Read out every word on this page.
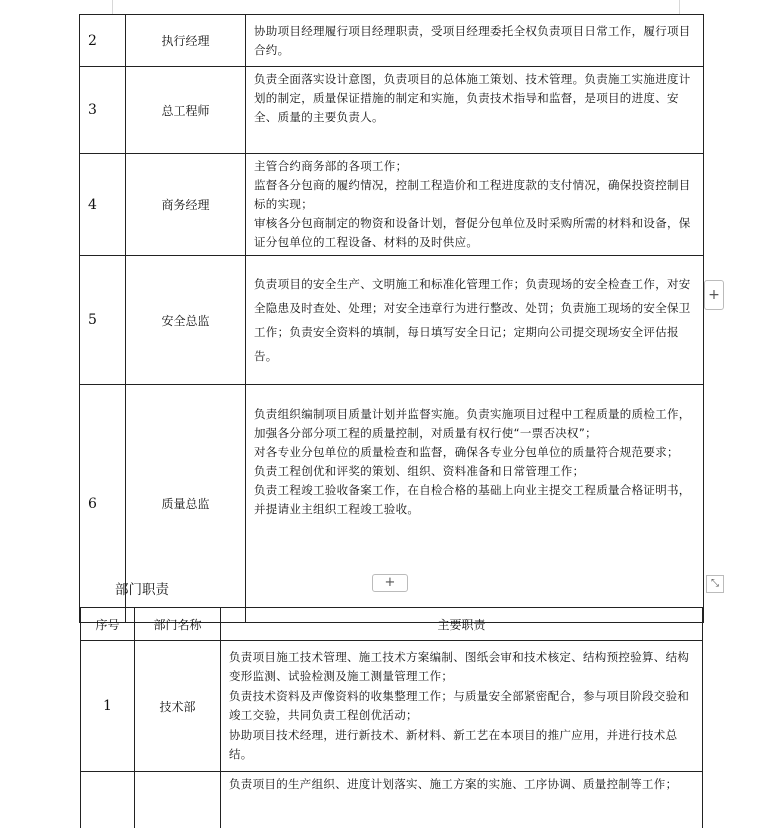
2	执行经理	协助项目经理履行项目经理职责，受项目经理委托全权负责项目日常工作，履行项目合约。

3	总工程师	负责全面落实设计意图，负责项目的总体施工策划、技术管理。负责施工实施进度计划的制定，质量保证措施的制定和实施，负责技术指导和监督，是项目的进度、安全、质量的主要负责人。

4	商务经理	主管合约商务部的各项工作；

监督各分包商的履约情况，控制工程造价和工程进度款的支付情况，确保投资控制目标的实现；

审核各分包商制定的物资和设备计划，督促分包单位及时采购所需的材料和设备，保证分包单位的工程设备、材料的及时供应。

5	安全总监	负责项目的安全生产、文明施工和标准化管理工作；负责现场的安全检查工作，对安全隐患及时查处、处理；对安全违章行为进行整改、处罚；负责施工现场的安全保卫工作；负责安全资料的填制，每日填写安全日记；定期向公司提交现场安全评估报告。

6	质量总监	负责组织编制项目质量计划并监督实施。负责实施项目过程中工程质量的质检工作，加强各分部分项工程的质量控制，对质量有权行使“一票否决权”；

对各专业分包单位的质量检查和监督，确保各专业分包单位的质量符合规范要求；

负责工程创优和评奖的策划、组织、资料准备和日常管理工作；

负责工程竣工验收备案工作，在自检合格的基础上向业主提交工程质量合格证明书，并提请业主组织工程竣工验收。

+
+	⤡
部门职责
序号	部门名称	主要职责
1	技术部	负责项目施工技术管理、施工技术方案编制、图纸会审和技术核定、结构预控验算、结构变形监测、试验检测及施工测量管理工作；

负责技术资料及声像资料的收集整理工作；与质量安全部紧密配合，参与项目阶段交验和竣工交验，共同负责工程创优活动；

协助项目技术经理，进行新技术、新材料、新工艺在本项目的推广应用，并进行技术总结。

		负责项目的生产组织、进度计划落实、施工方案的实施、工序协调、质量控制等工作；
